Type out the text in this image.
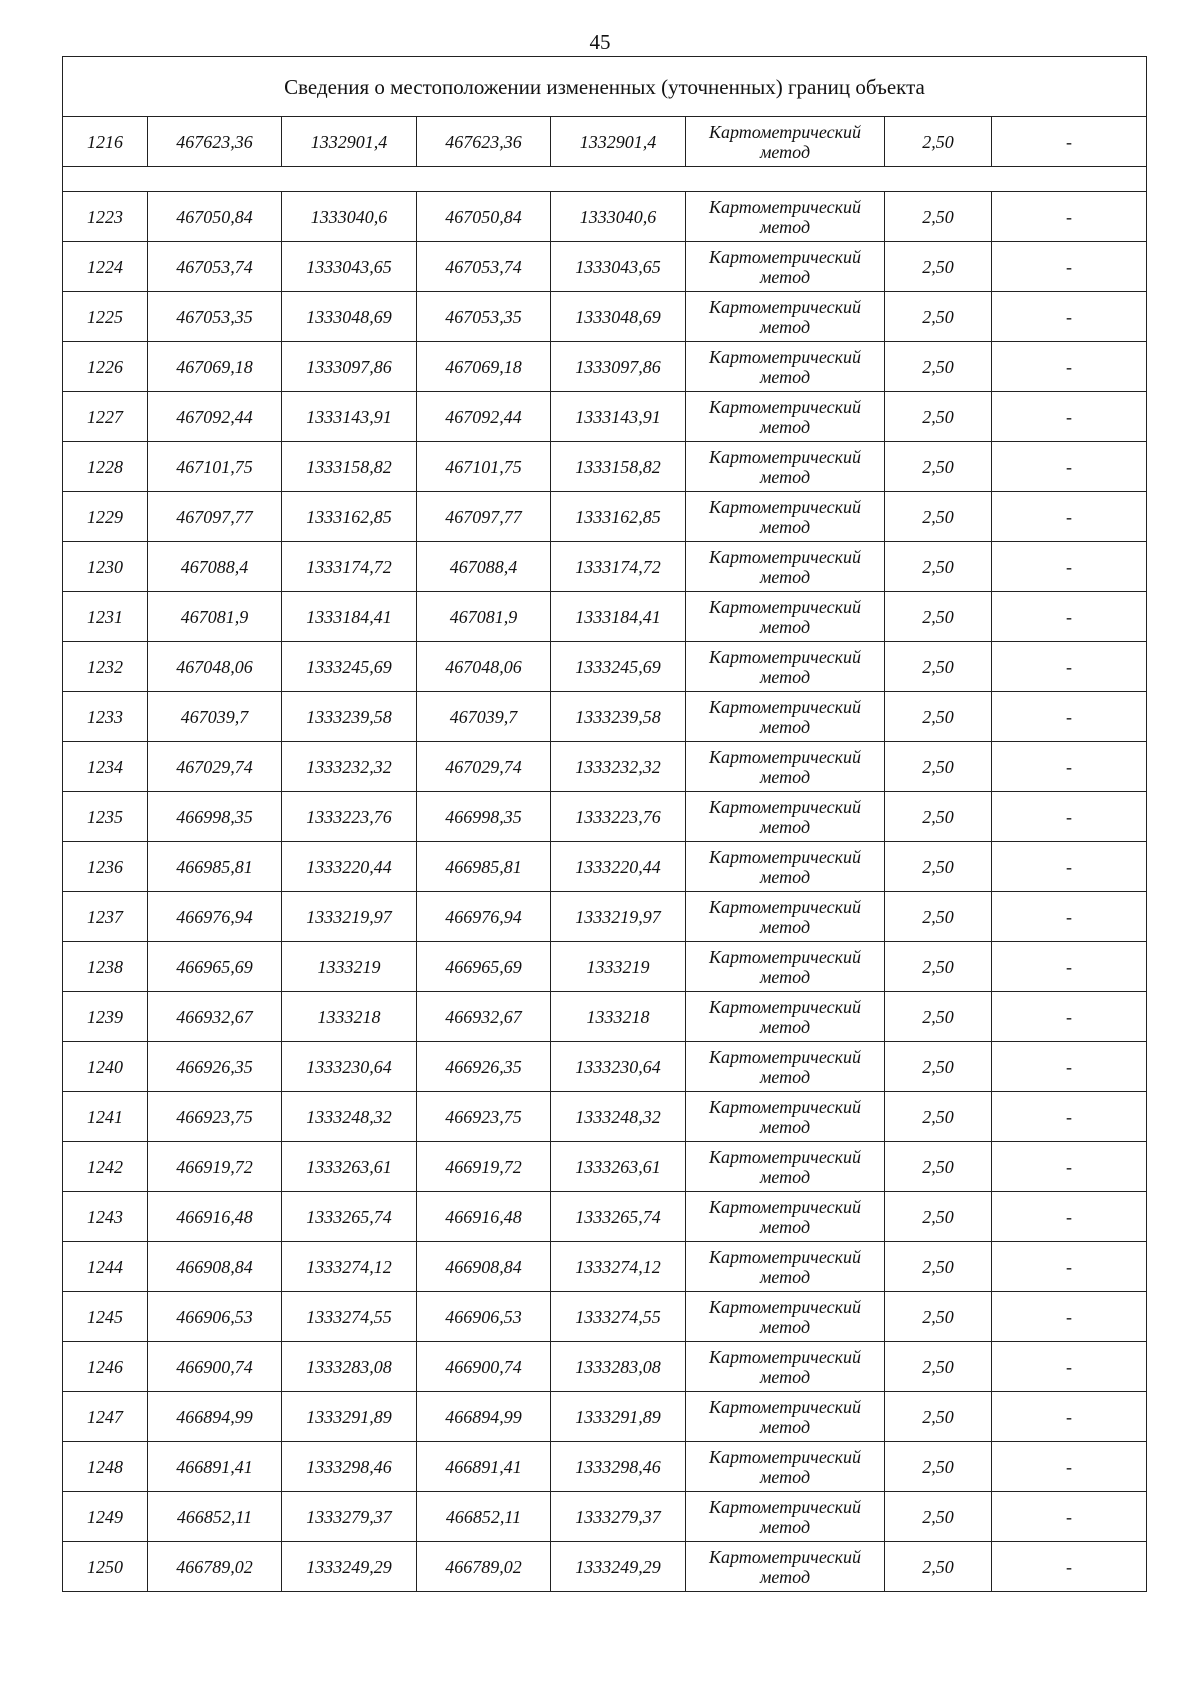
45
Сведения о местоположении измененных (уточненных) границ объекта							
1216	467623,36	1332901,4	467623,36	1332901,4	Картометрический метод	2,50	-

1223	467050,84	1333040,6	467050,84	1333040,6	Картометрический метод	2,50	-
1224	467053,74	1333043,65	467053,74	1333043,65	Картометрический метод	2,50	-
1225	467053,35	1333048,69	467053,35	1333048,69	Картометрический метод	2,50	-
1226	467069,18	1333097,86	467069,18	1333097,86	Картометрический метод	2,50	-
1227	467092,44	1333143,91	467092,44	1333143,91	Картометрический метод	2,50	-
1228	467101,75	1333158,82	467101,75	1333158,82	Картометрический метод	2,50	-
1229	467097,77	1333162,85	467097,77	1333162,85	Картометрический метод	2,50	-
1230	467088,4	1333174,72	467088,4	1333174,72	Картометрический метод	2,50	-
1231	467081,9	1333184,41	467081,9	1333184,41	Картометрический метод	2,50	-
1232	467048,06	1333245,69	467048,06	1333245,69	Картометрический метод	2,50	-
1233	467039,7	1333239,58	467039,7	1333239,58	Картометрический метод	2,50	-
1234	467029,74	1333232,32	467029,74	1333232,32	Картометрический метод	2,50	-
1235	466998,35	1333223,76	466998,35	1333223,76	Картометрический метод	2,50	-
1236	466985,81	1333220,44	466985,81	1333220,44	Картометрический метод	2,50	-
1237	466976,94	1333219,97	466976,94	1333219,97	Картометрический метод	2,50	-
1238	466965,69	1333219	466965,69	1333219	Картометрический метод	2,50	-
1239	466932,67	1333218	466932,67	1333218	Картометрический метод	2,50	-
1240	466926,35	1333230,64	466926,35	1333230,64	Картометрический метод	2,50	-
1241	466923,75	1333248,32	466923,75	1333248,32	Картометрический метод	2,50	-
1242	466919,72	1333263,61	466919,72	1333263,61	Картометрический метод	2,50	-
1243	466916,48	1333265,74	466916,48	1333265,74	Картометрический метод	2,50	-
1244	466908,84	1333274,12	466908,84	1333274,12	Картометрический метод	2,50	-
1245	466906,53	1333274,55	466906,53	1333274,55	Картометрический метод	2,50	-
1246	466900,74	1333283,08	466900,74	1333283,08	Картометрический метод	2,50	-
1247	466894,99	1333291,89	466894,99	1333291,89	Картометрический метод	2,50	-
1248	466891,41	1333298,46	466891,41	1333298,46	Картометрический метод	2,50	-
1249	466852,11	1333279,37	466852,11	1333279,37	Картометрический метод	2,50	-
1250	466789,02	1333249,29	466789,02	1333249,29	Картометрический метод	2,50	-
